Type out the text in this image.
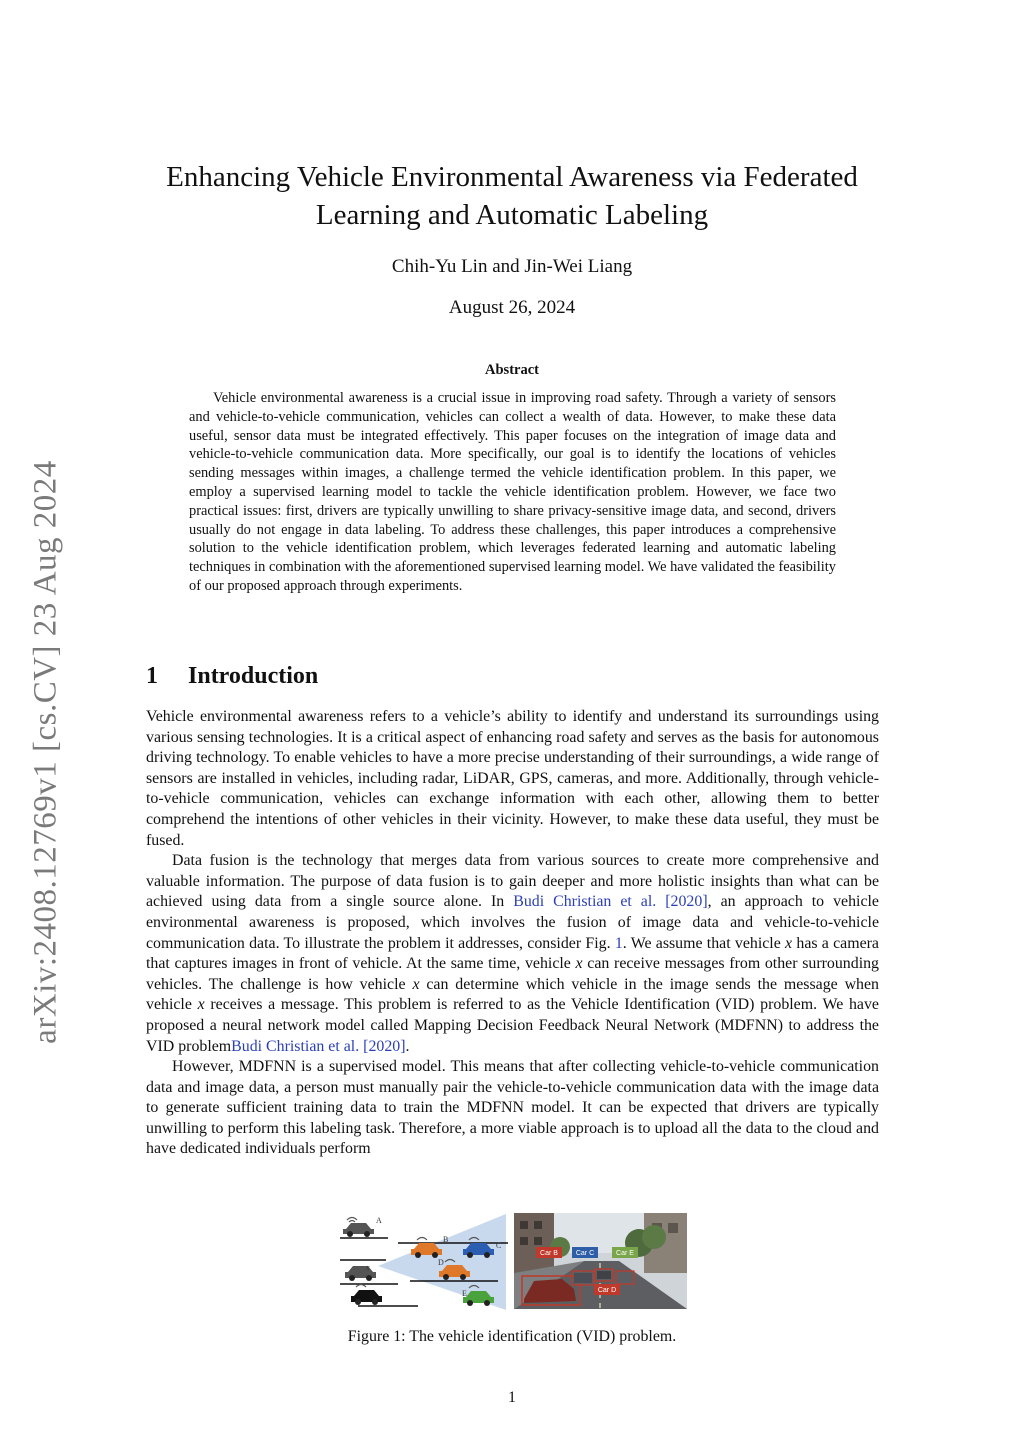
arXiv:2408.12769v1 [cs.CV] 23 Aug 2024
Enhancing Vehicle Environmental Awareness via Federated
Learning and Automatic Labeling
Chih-Yu Lin and Jin-Wei Liang
August 26, 2024
Abstract

Vehicle environmental awareness is a crucial issue in improving road safety. Through a variety of sensors and vehicle-to-vehicle communication, vehicles can collect a wealth of data. However, to make these data useful, sensor data must be integrated effectively. This paper focuses on the integration of image data and vehicle-to-vehicle communication data. More specifically, our goal is to identify the locations of vehicles sending messages within images, a challenge termed the vehicle identification problem. In this paper, we employ a supervised learning model to tackle the vehicle identification problem. However, we face two practical issues: first, drivers are typically unwilling to share privacy-sensitive image data, and second, drivers usually do not engage in data labeling. To address these challenges, this paper introduces a comprehensive solution to the vehicle identification problem, which leverages federated learning and automatic labeling techniques in combination with the aforementioned supervised learning model. We have validated the feasibility of our proposed approach through experiments.

1 Introduction

Vehicle environmental awareness refers to a vehicle’s ability to identify and understand its surroundings using various sensing technologies. It is a critical aspect of enhancing road safety and serves as the basis for autonomous driving technology. To enable vehicles to have a more precise understanding of their surroundings, a wide range of sensors are installed in vehicles, including radar, LiDAR, GPS, cameras, and more. Additionally, through vehicle-to-vehicle communication, vehicles can exchange information with each other, allowing them to better comprehend the intentions of other vehicles in their vicinity. However, to make these data useful, they must be fused.

Data fusion is the technology that merges data from various sources to create more comprehensive and valuable information. The purpose of data fusion is to gain deeper and more holistic insights than what can be achieved using data from a single source alone. In Budi Christian et al. [2020], an approach to vehicle environmental awareness is proposed, which involves the fusion of image data and vehicle-to-vehicle communication data. To illustrate the problem it addresses, consider Fig. 1. We assume that vehicle x has a camera that captures images in front of vehicle. At the same time, vehicle x can receive messages from other surrounding vehicles. The challenge is how vehicle x can determine which vehicle in the image sends the message when vehicle x receives a message. This problem is referred to as the Vehicle Identification (VID) problem. We have proposed a neural network model called Mapping Decision Feedback Neural Network (MDFNN) to address the VID problemBudi Christian et al. [2020].

However, MDFNN is a supervised model. This means that after collecting vehicle-to-vehicle communication data and image data, a person must manually pair the vehicle-to-vehicle communication data with the image data to generate sufficient training data to train the MDFNN model. It can be expected that drivers are typically unwilling to perform this labeling task. Therefore, a more viable approach is to upload all the data to the cloud and have dedicated individuals perform

A
B
C
x
D
E
Car B	Car C	Car E
Car D
Figure 1: The vehicle identification (VID) problem.
1
